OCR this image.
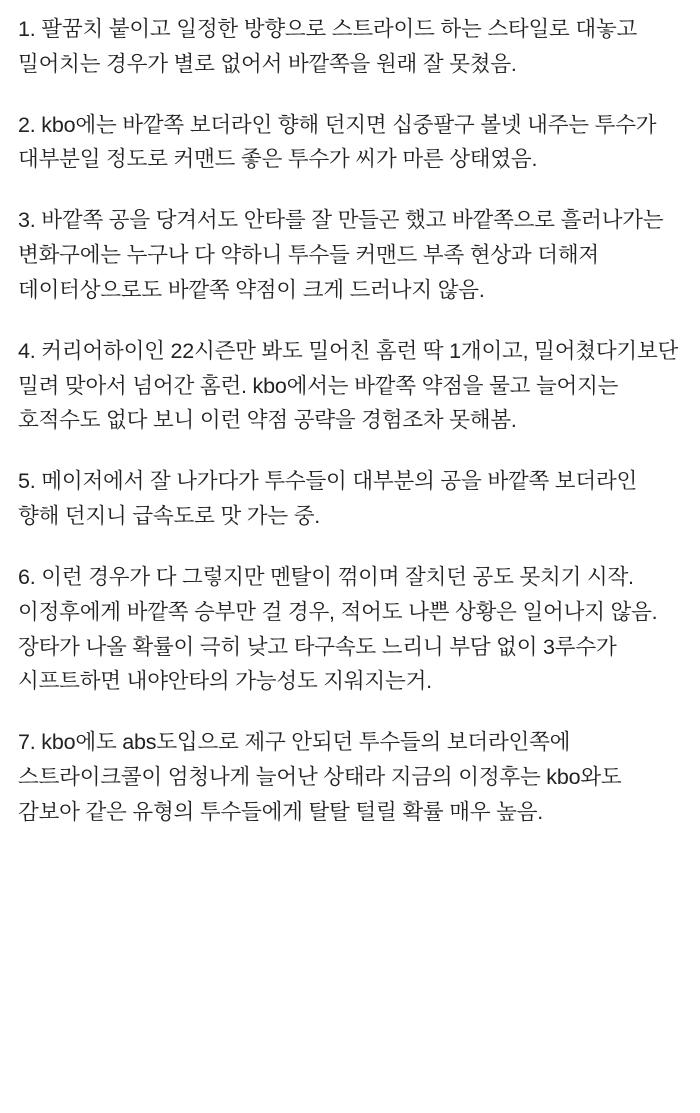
1. 팔꿈치 붙이고 일정한 방향으로 스트라이드 하는 스타일로 대놓고 밀어치는 경우가 별로 없어서 바깥쪽을 원래 잘 못쳤음.

2. kbo에는 바깥쪽 보더라인 향해 던지면 십중팔구 볼넷 내주는 투수가 대부분일 정도로 커맨드 좋은 투수가 씨가 마른 상태였음.

3. 바깥쪽 공을 당겨서도 안타를 잘 만들곤 했고 바깥쪽으로 흘러나가는 변화구에는 누구나 다 약하니 투수들 커맨드 부족 현상과 더해져 데이터상으로도 바깥쪽 약점이 크게 드러나지 않음.

4. 커리어하이인 22시즌만 봐도 밀어친 홈런 딱 1개이고, 밀어쳤다기보단 밀려 맞아서 넘어간 홈런. kbo에서는 바깥쪽 약점을 물고 늘어지는 호적수도 없다 보니 이런 약점 공략을 경험조차 못해봄.

5. 메이저에서 잘 나가다가 투수들이 대부분의 공을 바깥쪽 보더라인 향해 던지니 급속도로 맛 가는 중.

6. 이런 경우가 다 그렇지만 멘탈이 꺾이며 잘치던 공도 못치기 시작. 이정후에게 바깥쪽 승부만 걸 경우, 적어도 나쁜 상황은 일어나지 않음. 장타가 나올 확률이 극히 낮고 타구속도 느리니 부담 없이 3루수가 시프트하면 내야안타의 가능성도 지워지는거.

7. kbo에도 abs도입으로 제구 안되던 투수들의 보더라인쪽에 스트라이크콜이 엄청나게 늘어난 상태라 지금의 이정후는 kbo와도 감보아 같은 유형의 투수들에게 탈탈 털릴 확률 매우 높음.
